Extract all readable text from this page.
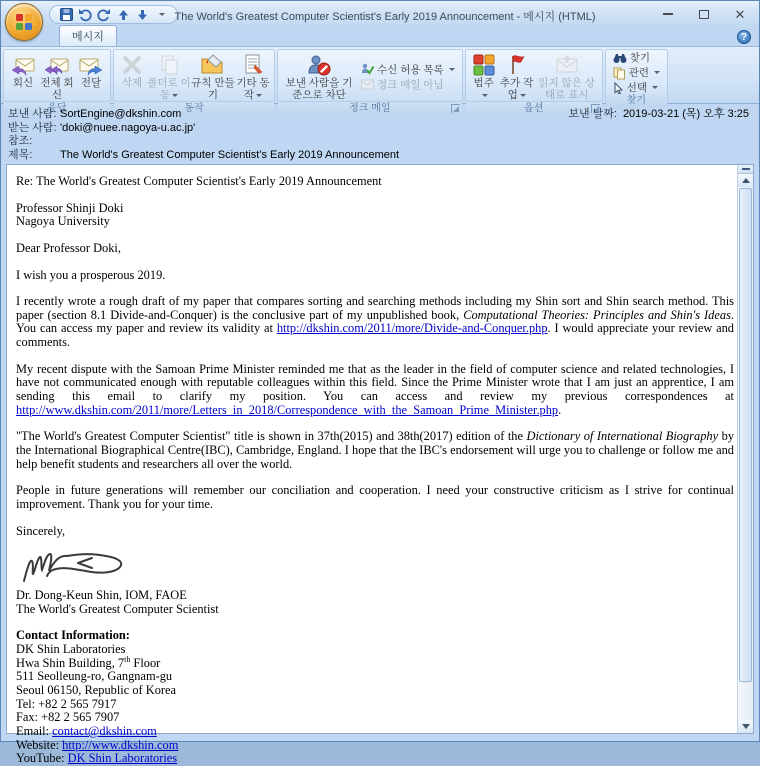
The World's Greatest Computer Scientist's Early 2019 Announcement - 메시지 (HTML)	✕
메시지	?
회신 전체 회신
전달
응답
삭제 폴더로 이동
규칙 만들기
기타 동작
동작
보낸 사람을 기준으로 차단
수신 허용 목록
정크 메일 아님
정크 메일
범주 추가 작업
읽지 않은 상태로 표시
옵션
찾기
관련
선택
찾기
보낸 사람: SortEngine@dkshin.com	보낸 날짜: 2019-03-21 (목) 오후 3:25
받는 사람: 'doki@nuee.nagoya-u.ac.jp'
참조:
제목:	The World's Greatest Computer Scientist's Early 2019 Announcement

Re: The World's Greatest Computer Scientist's Early 2019 Announcement

Professor Shinji Doki
Nagoya University

Dear Professor Doki,

I wish you a prosperous 2019.

I recently wrote a rough draft of my paper that compares sorting and searching methods including my Shin sort and Shin search method. This paper (section 8.1 Divide-and-Conquer) is the conclusive part of my unpublished book, Computational Theories: Principles and Shin's Ideas. You can access my paper and review its validity at http://dkshin.com/2011/more/Divide-and-Conquer.php. I would appreciate your review and comments.

My recent dispute with the Samoan Prime Minister reminded me that as the leader in the field of computer science and related technologies, I have not communicated enough with reputable colleagues within this field. Since the Prime Minister wrote that I am just an apprentice, I am sending this email to clarify my position. You can access and review my previous correspondences at http://www.dkshin.com/2011/more/Letters_in_2018/Correspondence_with_the_Samoan_Prime_Minister.php.

"The World's Greatest Computer Scientist" title is shown in 37th(2015) and 38th(2017) edition of the Dictionary of International Biography by the International Biographical Centre(IBC), Cambridge, England. I hope that the IBC's endorsement will urge you to challenge or follow me and help benefit students and researchers all over the world.

People in future generations will remember our conciliation and cooperation. I need your constructive criticism as I strive for continual improvement. Thank you for your time.

Sincerely,

Dr. Dong-Keun Shin, IOM, FAOE
The World's Greatest Computer Scientist

Contact Information:
DK Shin Laboratories
Hwa Shin Building, 7th Floor
511 Seolleung-ro, Gangnam-gu
Seoul 06150, Republic of Korea
Tel: +82 2 565 7917
Fax: +82 2 565 7907
Email: contact@dkshin.com
Website: http://www.dkshin.com
YouTube: DK Shin Laboratories
